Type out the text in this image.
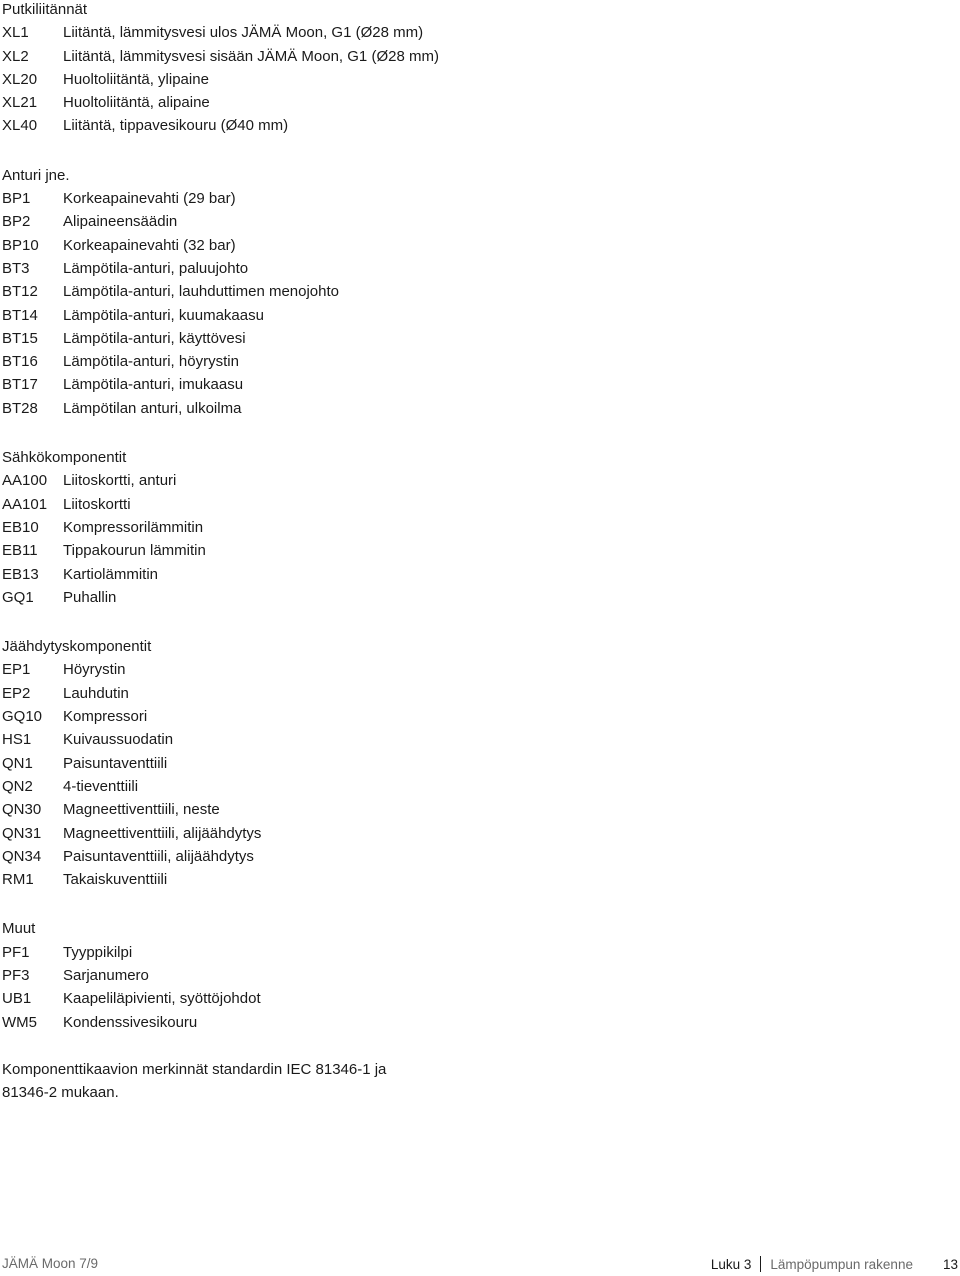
Putkiliitännät
XL1	Liitäntä, lämmitysvesi ulos JÄMÄ Moon, G1 (Ø28 mm)
XL2	Liitäntä, lämmitysvesi sisään JÄMÄ Moon, G1 (Ø28 mm)
XL20	Huoltoliitäntä, ylipaine
XL21	Huoltoliitäntä, alipaine
XL40	Liitäntä, tippavesikouru (Ø40 mm)
Anturi jne.
BP1	Korkeapainevahti (29 bar)
BP2	Alipaineensäädin
BP10	Korkeapainevahti (32 bar)
BT3	Lämpötila-anturi, paluujohto
BT12	Lämpötila-anturi, lauhduttimen menojohto
BT14	Lämpötila-anturi, kuumakaasu
BT15	Lämpötila-anturi, käyttövesi
BT16	Lämpötila-anturi, höyrystin
BT17	Lämpötila-anturi, imukaasu
BT28	Lämpötilan anturi, ulkoilma
Sähkökomponentit
AA100	Liitoskortti, anturi
AA101	Liitoskortti
EB10	Kompressorilämmitin
EB11	Tippakourun lämmitin
EB13	Kartiolämmitin
GQ1	Puhallin
Jäähdytyskomponentit
EP1	Höyrystin
EP2	Lauhdutin
GQ10	Kompressori
HS1	Kuivaussuodatin
QN1	Paisuntaventtiili
QN2	4-tieventtiili
QN30	Magneettiventtiili, neste
QN31	Magneettiventtiili, alijäähdytys
QN34	Paisuntaventtiili, alijäähdytys
RM1	Takaiskuventtiili
Muut
PF1	Tyyppikilpi
PF3	Sarjanumero
UB1	Kaapeliläpivienti, syöttöjohdot
WM5	Kondenssivesikouru
Komponenttikaavion merkinnät standardin IEC 81346-1 ja 81346-2 mukaan.
JÄMÄ Moon 7/9	Luku 3 Lämpöpumpun rakenne 13
